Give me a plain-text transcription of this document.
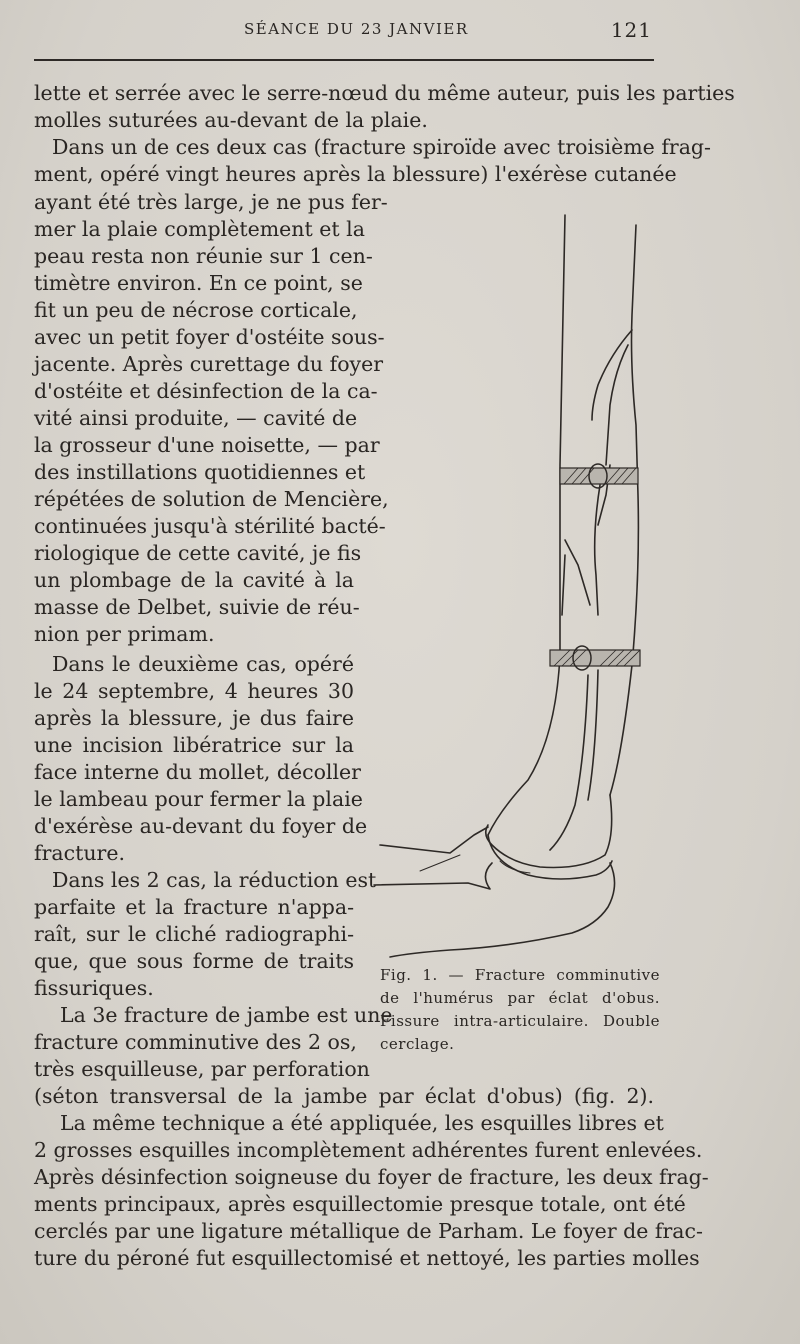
SÉANCE DU 23 JANVIER	121
lette et serrée avec le serre-nœud du même auteur, puis les parties
molles suturées au-devant de la plaie.
Dans un de ces deux cas (fracture spiroïde avec troisième frag-
ment, opéré vingt heures après la blessure) l'exérèse cutanée
ayant été très large, je ne pus fer-
mer la plaie complètement et la
peau resta non réunie sur 1 cen-
timètre environ. En ce point, se
fit un peu de nécrose corticale,
avec un petit foyer d'ostéite sous-
jacente. Après curettage du foyer
d'ostéite et désinfection de la ca-
vité ainsi produite, — cavité de
la grosseur d'une noisette, — par
des instillations quotidiennes et
répétées de solution de Mencière,
continuées jusqu'à stérilité bacté-
riologique de cette cavité, je fis
un plombage de la cavité à la
masse de Delbet, suivie de réu-
nion per primam.
Dans le deuxième cas, opéré
le 24 septembre, 4 heures 30
après la blessure, je dus faire
une incision libératrice sur la
face interne du mollet, décoller
le lambeau pour fermer la plaie
d'exérèse au-devant du foyer de
fracture.
Dans les 2 cas, la réduction est
parfaite et la fracture n'appa-
raît, sur le cliché radiographi-
que, que sous forme de traits
fissuriques.
La 3e fracture de jambe est une
fracture comminutive des 2 os,
très esquilleuse, par perforation
(séton transversal de la jambe par éclat d'obus) (fig. 2).
La même technique a été appliquée, les esquilles libres et
2 grosses esquilles incomplètement adhérentes furent enlevées.
Après désinfection soigneuse du foyer de fracture, les deux frag-
ments principaux, après esquillectomie presque totale, ont été
cerclés par une ligature métallique de Parham. Le foyer de frac-
ture du péroné fut esquillectomisé et nettoyé, les parties molles
Fig. 1. — Fracture comminutive
de l'humérus par éclat d'obus.
Fissure intra-articulaire. Double
cerclage.
